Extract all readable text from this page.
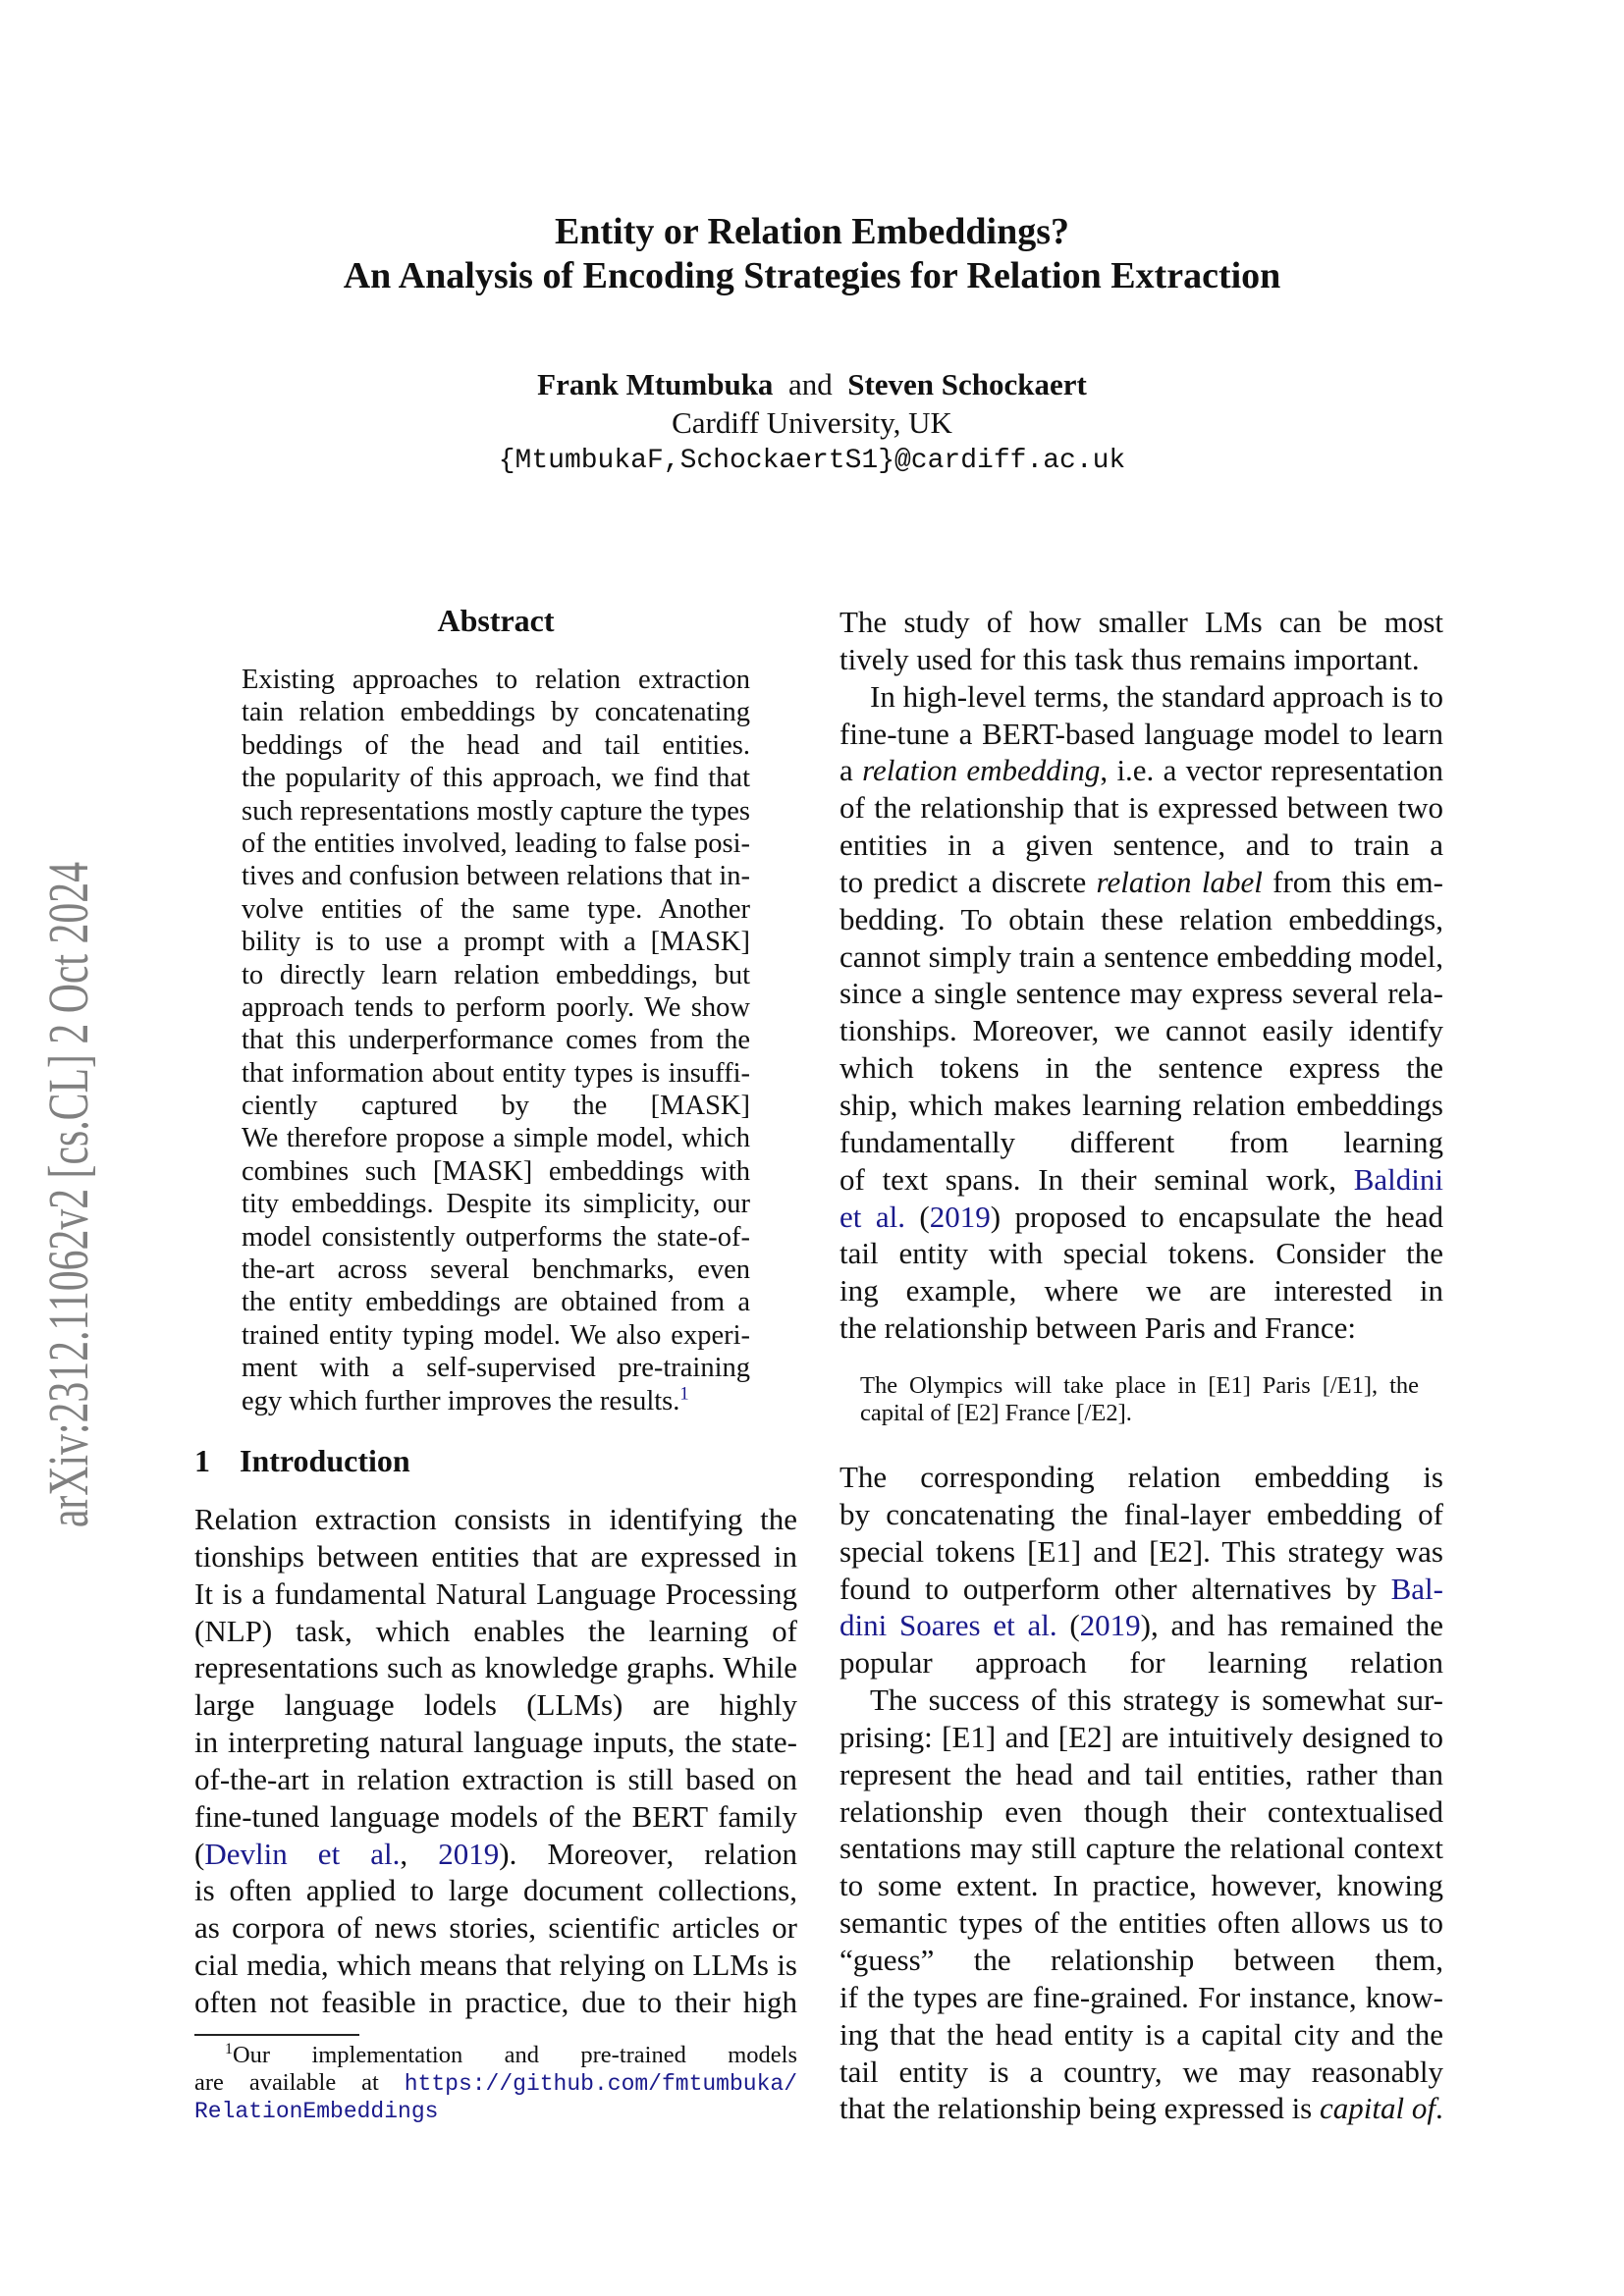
arXiv:2312.11062v2 [cs.CL] 2 Oct 2024
Entity or Relation Embeddings?
An Analysis of Encoding Strategies for Relation Extraction
Frank Mtumbuka and Steven Schockaert
Cardiff University, UK
{MtumbukaF,SchockaertS1}@cardiff.ac.uk
Abstract
Existing approaches to relation extraction
tain relation embeddings by concatenating
beddings of the head and tail entities.
the popularity of this approach, we find that
such representations mostly capture the types
of the entities involved, leading to false posi-
tives and confusion between relations that in-
volve entities of the same type. Another
bility is to use a prompt with a [MASK]
to directly learn relation embeddings, but
approach tends to perform poorly. We show
that this underperformance comes from the
that information about entity types is insuffi-
ciently captured by the [MASK]
We therefore propose a simple model, which
combines such [MASK] embeddings with
tity embeddings. Despite its simplicity, our
model consistently outperforms the state-of-
the-art across several benchmarks, even
the entity embeddings are obtained from a
trained entity typing model. We also experi-
ment with a self-supervised pre-training
egy which further improves the results.$^1$
1 Introduction
Relation extraction consists in identifying the
tionships between entities that are expressed in
It is a fundamental Natural Language Processing
(NLP) task, which enables the learning of
representations such as knowledge graphs. While
large language lodels (LLMs) are highly
in interpreting natural language inputs, the state-
of-the-art in relation extraction is still based on
fine-tuned language models of the BERT family
(Devlin et al., 2019). Moreover, relation
is often applied to large document collections,
as corpora of news stories, scientific articles or
cial media, which means that relying on LLMs is
often not feasible in practice, due to their high
$^1$Our implementation and pre-trained models
are available at https://github.com/fmtumbuka/
RelationEmbeddings
The study of how smaller LMs can be most
tively used for this task thus remains important.
In high-level terms, the standard approach is to
fine-tune a BERT-based language model to learn
a relation embedding, i.e. a vector representation
of the relationship that is expressed between two
entities in a given sentence, and to train a
to predict a discrete relation label from this em-
bedding. To obtain these relation embeddings,
cannot simply train a sentence embedding model,
since a single sentence may express several rela-
tionships. Moreover, we cannot easily identify
which tokens in the sentence express the
ship, which makes learning relation embeddings
fundamentally different from learning
of text spans. In their seminal work, Baldini
et al. (2019) proposed to encapsulate the head
tail entity with special tokens. Consider the
ing example, where we are interested in
the relationship between Paris and France:
The Olympics will take place in [E1] Paris [/E1], the
capital of [E2] France [/E2].
The corresponding relation embedding is
by concatenating the final-layer embedding of
special tokens [E1] and [E2]. This strategy was
found to outperform other alternatives by Bal-
dini Soares et al. (2019), and has remained the
popular approach for learning relation
The success of this strategy is somewhat sur-
prising: [E1] and [E2] are intuitively designed to
represent the head and tail entities, rather than
relationship even though their contextualised
sentations may still capture the relational context
to some extent. In practice, however, knowing
semantic types of the entities often allows us to
“guess” the relationship between them,
if the types are fine-grained. For instance, know-
ing that the head entity is a capital city and the
tail entity is a country, we may reasonably
that the relationship being expressed is capital of.
